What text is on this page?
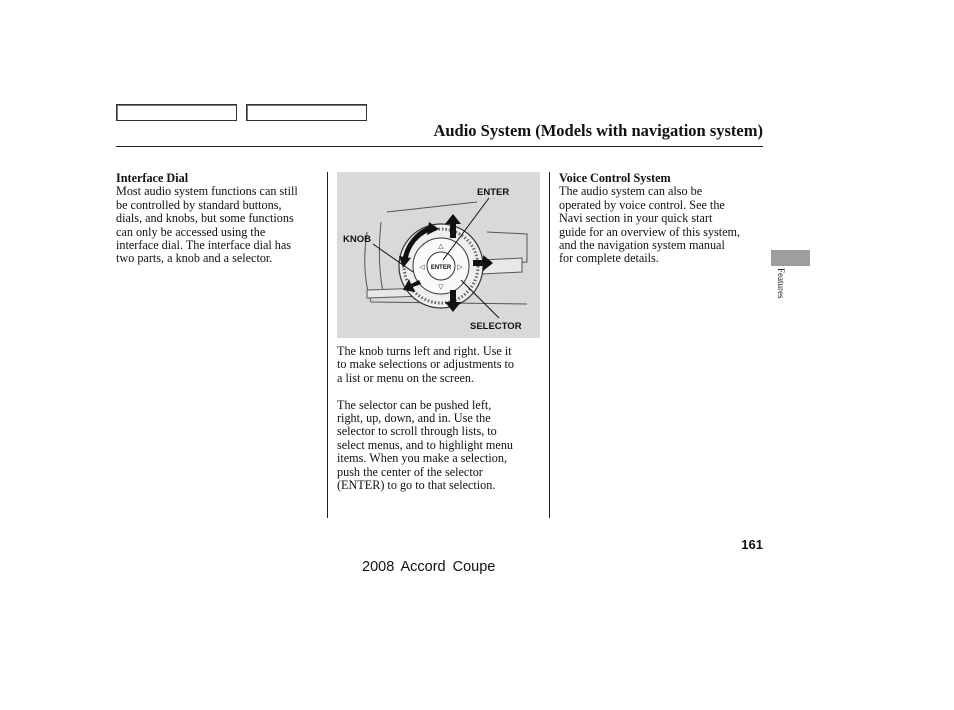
Audio System (Models with navigation system)
Interface Dial

Most audio system functions can still
be controlled by standard buttons,
dials, and knobs, but some functions
can only be accessed using the
interface dial. The interface dial has
two parts, a knob and a selector.

ENTER
△
▽
◁	▷
ENTER
KNOB
SELECTOR

The knob turns left and right. Use it
to make selections or adjustments to
a list or menu on the screen.

The selector can be pushed left,
right, up, down, and in. Use the
selector to scroll through lists, to
select menus, and to highlight menu
items. When you make a selection,
push the center of the selector
(ENTER) to go to that selection.

Voice Control System

The audio system can also be
operated by voice control. See the
Navi section in your quick start
guide for an overview of this system,
and the navigation system manual
for complete details.

Features
161
2008 Accord Coupe
